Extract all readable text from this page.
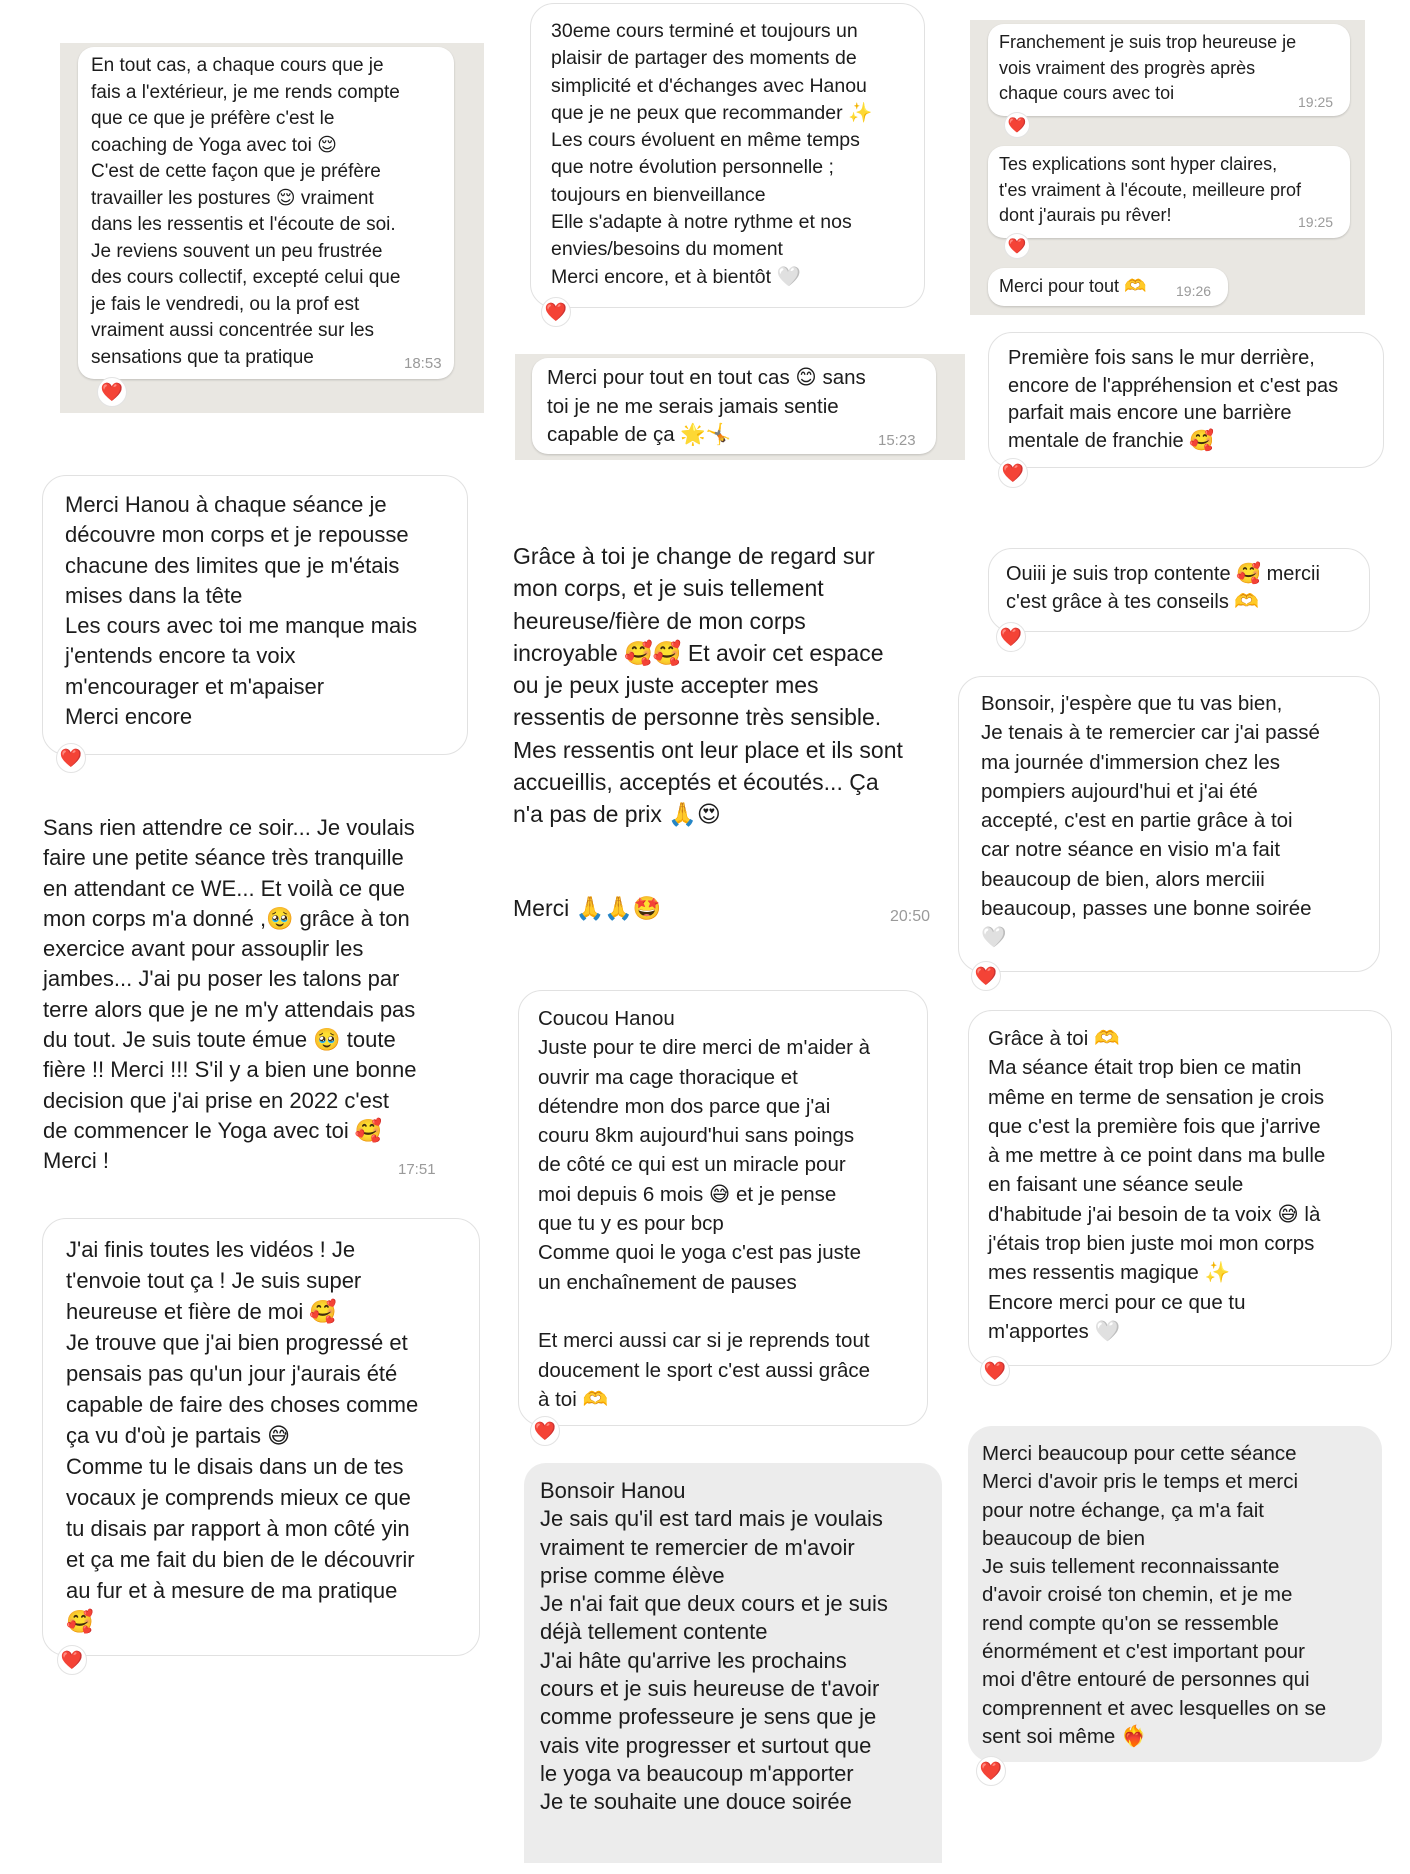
En tout cas, a chaque cours que je
fais a l'extérieur, je me rends compte
que ce que je préfère c'est le
coaching de Yoga avec toi 😌
C'est de cette façon que je préfère
travailler les postures 😌 vraiment
dans les ressentis et l'écoute de soi.
Je reviens souvent un peu frustrée
des cours collectif, excepté celui que
je fais le vendredi, ou la prof est
vraiment aussi concentrée sur les
sensations que ta pratique	18:53
❤️
Merci Hanou à chaque séance je
découvre mon corps et je repousse
chacune des limites que je m'étais
mises dans la tête
Les cours avec toi me manque mais
j'entends encore ta voix
m'encourager et m'apaiser
Merci encore
❤️
Sans rien attendre ce soir... Je voulais
faire une petite séance très tranquille
en attendant ce WE... Et voilà ce que
mon corps m'a donné ,🥹 grâce à ton
exercice avant pour assouplir les
jambes... J'ai pu poser les talons par
terre alors que je ne m'y attendais pas
du tout. Je suis toute émue 🥹 toute
fière !! Merci !!! S'il y a bien une bonne
decision que j'ai prise en 2022 c'est
de commencer le Yoga avec toi 🥰
Merci !	17:51
J'ai finis toutes les vidéos ! Je
t'envoie tout ça ! Je suis super
heureuse et fière de moi 🥰
Je trouve que j'ai bien progressé et
pensais pas qu'un jour j'aurais été
capable de faire des choses comme
ça vu d'où je partais 😅
Comme tu le disais dans un de tes
vocaux je comprends mieux ce que
tu disais par rapport à mon côté yin
et ça me fait du bien de le découvrir
au fur et à mesure de ma pratique
🥰
❤️
30eme cours terminé et toujours un
plaisir de partager des moments de
simplicité et d'échanges avec Hanou
que je ne peux que recommander ✨
Les cours évoluent en même temps
que notre évolution personnelle ;
toujours en bienveillance
Elle s'adapte à notre rythme et nos
envies/besoins du moment
Merci encore, et à bientôt 🤍
❤️
Merci pour tout en tout cas 😊 sans
toi je ne me serais jamais sentie
capable de ça 🌟🤸	15:23
Grâce à toi je change de regard sur
mon corps, et je suis tellement
heureuse/fière de mon corps
incroyable 🥰🥰 Et avoir cet espace
ou je peux juste accepter mes
ressentis de personne très sensible.
Mes ressentis ont leur place et ils sont
accueillis, acceptés et écoutés... Ça
n'a pas de prix 🙏😍
Merci 🙏🙏🤩	20:50
Coucou Hanou
Juste pour te dire merci de m'aider à
ouvrir ma cage thoracique et
détendre mon dos parce que j'ai
couru 8km aujourd'hui sans poings
de côté ce qui est un miracle pour
moi depuis 6 mois 😅 et je pense
que tu y es pour bcp
Comme quoi le yoga c'est pas juste
un enchaînement de pauses

Et merci aussi car si je reprends tout
doucement le sport c'est aussi grâce
à toi 🫶
❤️
Bonsoir Hanou
Je sais qu'il est tard mais je voulais
vraiment te remercier de m'avoir
prise comme élève
Je n'ai fait que deux cours et je suis
déjà tellement contente
J'ai hâte qu'arrive les prochains
cours et je suis heureuse de t'avoir
comme professeure je sens que je
vais vite progresser et surtout que
le yoga va beaucoup m'apporter
Je te souhaite une douce soirée
Franchement je suis trop heureuse je
vois vraiment des progrès après
chaque cours avec toi	19:25
❤️
Tes explications sont hyper claires,
t'es vraiment à l'écoute, meilleure prof
dont j'aurais pu rêver!	19:25
❤️
Merci pour tout 🫶 19:26
Première fois sans le mur derrière,
encore de l'appréhension et c'est pas
parfait mais encore une barrière
mentale de franchie 🥰
❤️
Ouiii je suis trop contente 🥰 mercii
c'est grâce à tes conseils 🫶
❤️
Bonsoir, j'espère que tu vas bien,
Je tenais à te remercier car j'ai passé
ma journée d'immersion chez les
pompiers aujourd'hui et j'ai été
accepté, c'est en partie grâce à toi
car notre séance en visio m'a fait
beaucoup de bien, alors merciii
beaucoup, passes une bonne soirée
🤍
❤️
Grâce à toi 🫶
Ma séance était trop bien ce matin
même en terme de sensation je crois
que c'est la première fois que j'arrive
à me mettre à ce point dans ma bulle
en faisant une séance seule
d'habitude j'ai besoin de ta voix 😅 là
j'étais trop bien juste moi mon corps
mes ressentis magique ✨
Encore merci pour ce que tu
m'apportes 🤍
❤️
Merci beaucoup pour cette séance
Merci d'avoir pris le temps et merci
pour notre échange, ça m'a fait
beaucoup de bien
Je suis tellement reconnaissante
d'avoir croisé ton chemin, et je me
rend compte qu'on se ressemble
énormément et c'est important pour
moi d'être entouré de personnes qui
comprennent et avec lesquelles on se
sent soi même ❤️‍🔥
❤️
